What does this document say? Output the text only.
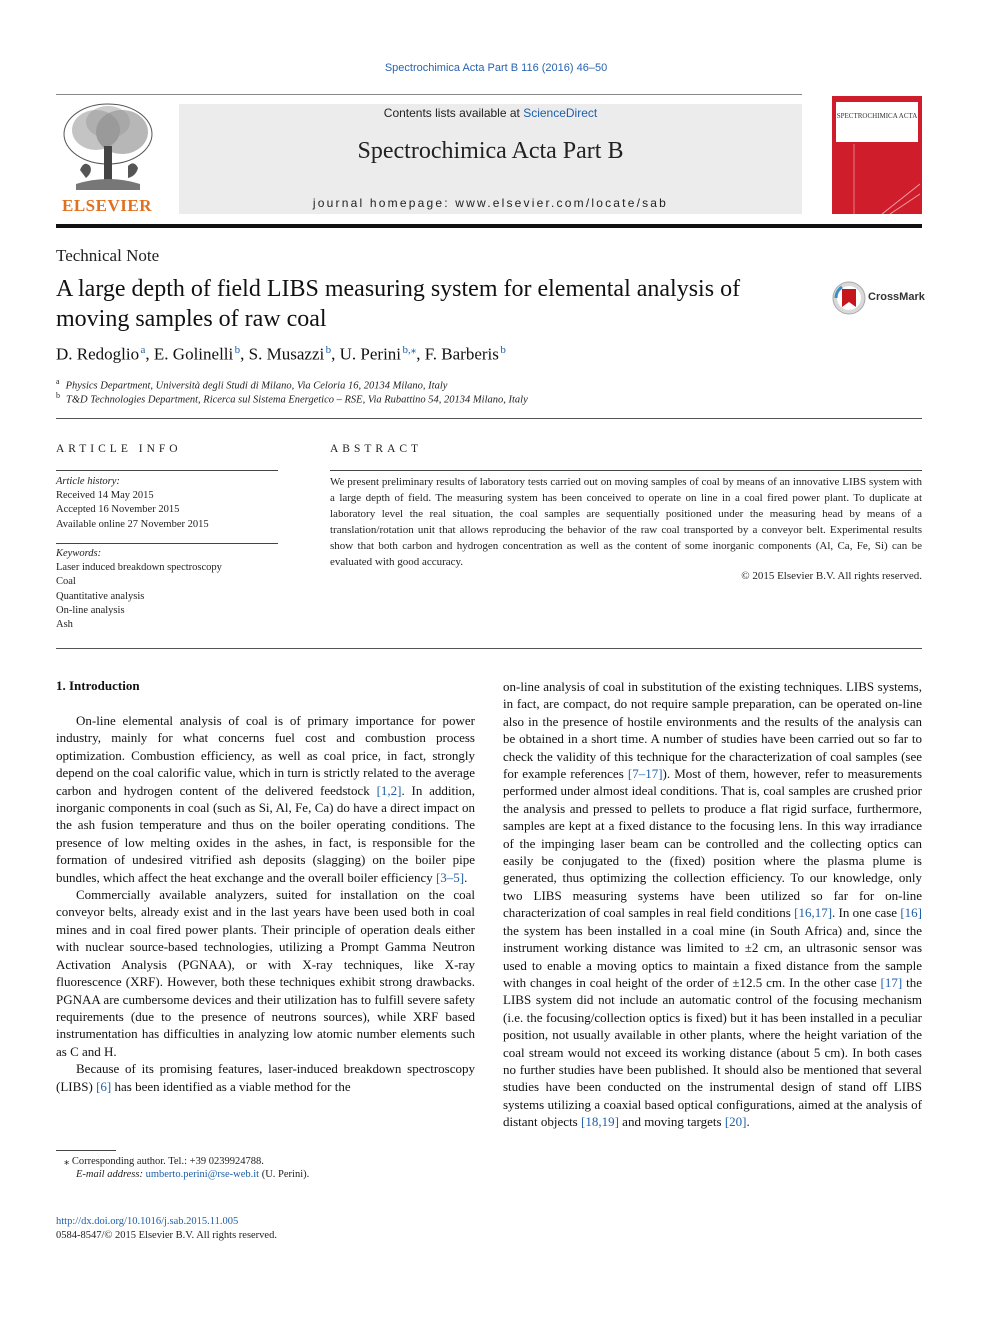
Spectrochimica Acta Part B 116 (2016) 46–50
ELSEVIER
Contents lists available at ScienceDirect
Spectrochimica Acta Part B
journal homepage: www.elsevier.com/locate/sab
SPECTROCHIMICA ACTA
Technical Note
A large depth of field LIBS measuring system for elemental analysis of moving samples of raw coal
CrossMark
D. Redoglio $^a$, E. Golinelli $^b$, S. Musazzi $^b$, U. Perini $^{b,⁎}$, F. Barberis $^b$
$^a$ Physics Department, Università degli Studi di Milano, Via Celoria 16, 20134 Milano, Italy
$^b$ T&D Technologies Department, Ricerca sul Sistema Energetico – RSE, Via Rubattino 54, 20134 Milano, Italy
ARTICLE INFO
Article history:
Received 14 May 2015
Accepted 16 November 2015
Available online 27 November 2015
Keywords:
Laser induced breakdown spectroscopy
Coal
Quantitative analysis
On-line analysis
Ash
ABSTRACT
We present preliminary results of laboratory tests carried out on moving samples of coal by means of an innovative LIBS system with a large depth of field. The measuring system has been conceived to operate on line in a coal fired power plant. To duplicate at laboratory level the real situation, the coal samples are sequentially positioned under the measuring head by means of a translation/rotation unit that allows reproducing the behavior of the raw coal transported by a conveyor belt. Experimental results show that both carbon and hydrogen concentration as well as the content of some inorganic components (Al, Ca, Fe, Si) can be evaluated with good accuracy.
© 2015 Elsevier B.V. All rights reserved.
1. Introduction

On-line elemental analysis of coal is of primary importance for power industry, mainly for what concerns fuel cost and combustion process optimization. Combustion efficiency, as well as coal price, in fact, strongly depend on the coal calorific value, which in turn is strictly related to the average carbon and hydrogen content of the delivered feedstock [1,2]. In addition, inorganic components in coal (such as Si, Al, Fe, Ca) do have a direct impact on the ash fusion temperature and thus on the boiler operating conditions. The presence of low melting oxides in the ashes, in fact, is responsible for the formation of undesired vitrified ash deposits (slagging) on the boiler pipe bundles, which affect the heat exchange and the overall boiler efficiency [3–5].

Commercially available analyzers, suited for installation on the coal conveyor belts, already exist and in the last years have been used both in coal mines and in coal fired power plants. Their principle of operation deals either with nuclear source-based technologies, utilizing a Prompt Gamma Neutron Activation Analysis (PGNAA), or with X-ray techniques, like X-ray fluorescence (XRF). However, both these techniques exhibit strong drawbacks. PGNAA are cumbersome devices and their utilization has to fulfill severe safety requirements (due to the presence of neutrons sources), while XRF based instrumentation has difficulties in analyzing low atomic number elements such as C and H.

Because of its promising features, laser-induced breakdown spectroscopy (LIBS) [6] has been identified as a viable method for the

on-line analysis of coal in substitution of the existing techniques. LIBS systems, in fact, are compact, do not require sample preparation, can be operated on-line also in the presence of hostile environments and the results of the analysis can be obtained in a short time. A number of studies have been carried out so far to check the validity of this technique for the characterization of coal samples (see for example references [7–17]). Most of them, however, refer to measurements performed under almost ideal conditions. That is, coal samples are crushed prior the analysis and pressed to pellets to produce a flat rigid surface, furthermore, samples are kept at a fixed distance to the focusing lens. In this way irradiance of the impinging laser beam can be controlled and the collecting optics can easily be conjugated to the (fixed) position where the plasma plume is generated, thus optimizing the collection efficiency. To our knowledge, only two LIBS measuring systems have been utilized so far for on-line characterization of coal samples in real field conditions [16,17]. In one case [16] the system has been installed in a coal mine (in South Africa) and, since the instrument working distance was limited to ±2 cm, an ultrasonic sensor was used to enable a moving optics to maintain a fixed distance from the sample with changes in coal height of the order of ±12.5 cm. In the other case [17] the LIBS system did not include an automatic control of the focusing mechanism (i.e. the focusing/collection optics is fixed) but it has been installed in a peculiar position, not usually available in other plants, where the height variation of the coal stream would not exceed its working distance (about 5 cm). In both cases no further studies have been published. It should also be mentioned that several studies have been conducted on the instrumental design of stand off LIBS systems utilizing a coaxial based optical configurations, aimed at the analysis of distant objects [18,19] and moving targets [20].

⁎ Corresponding author. Tel.: +39 0239924788.
E-mail address: umberto.perini@rse-web.it (U. Perini).
http://dx.doi.org/10.1016/j.sab.2015.11.005
0584-8547/© 2015 Elsevier B.V. All rights reserved.
